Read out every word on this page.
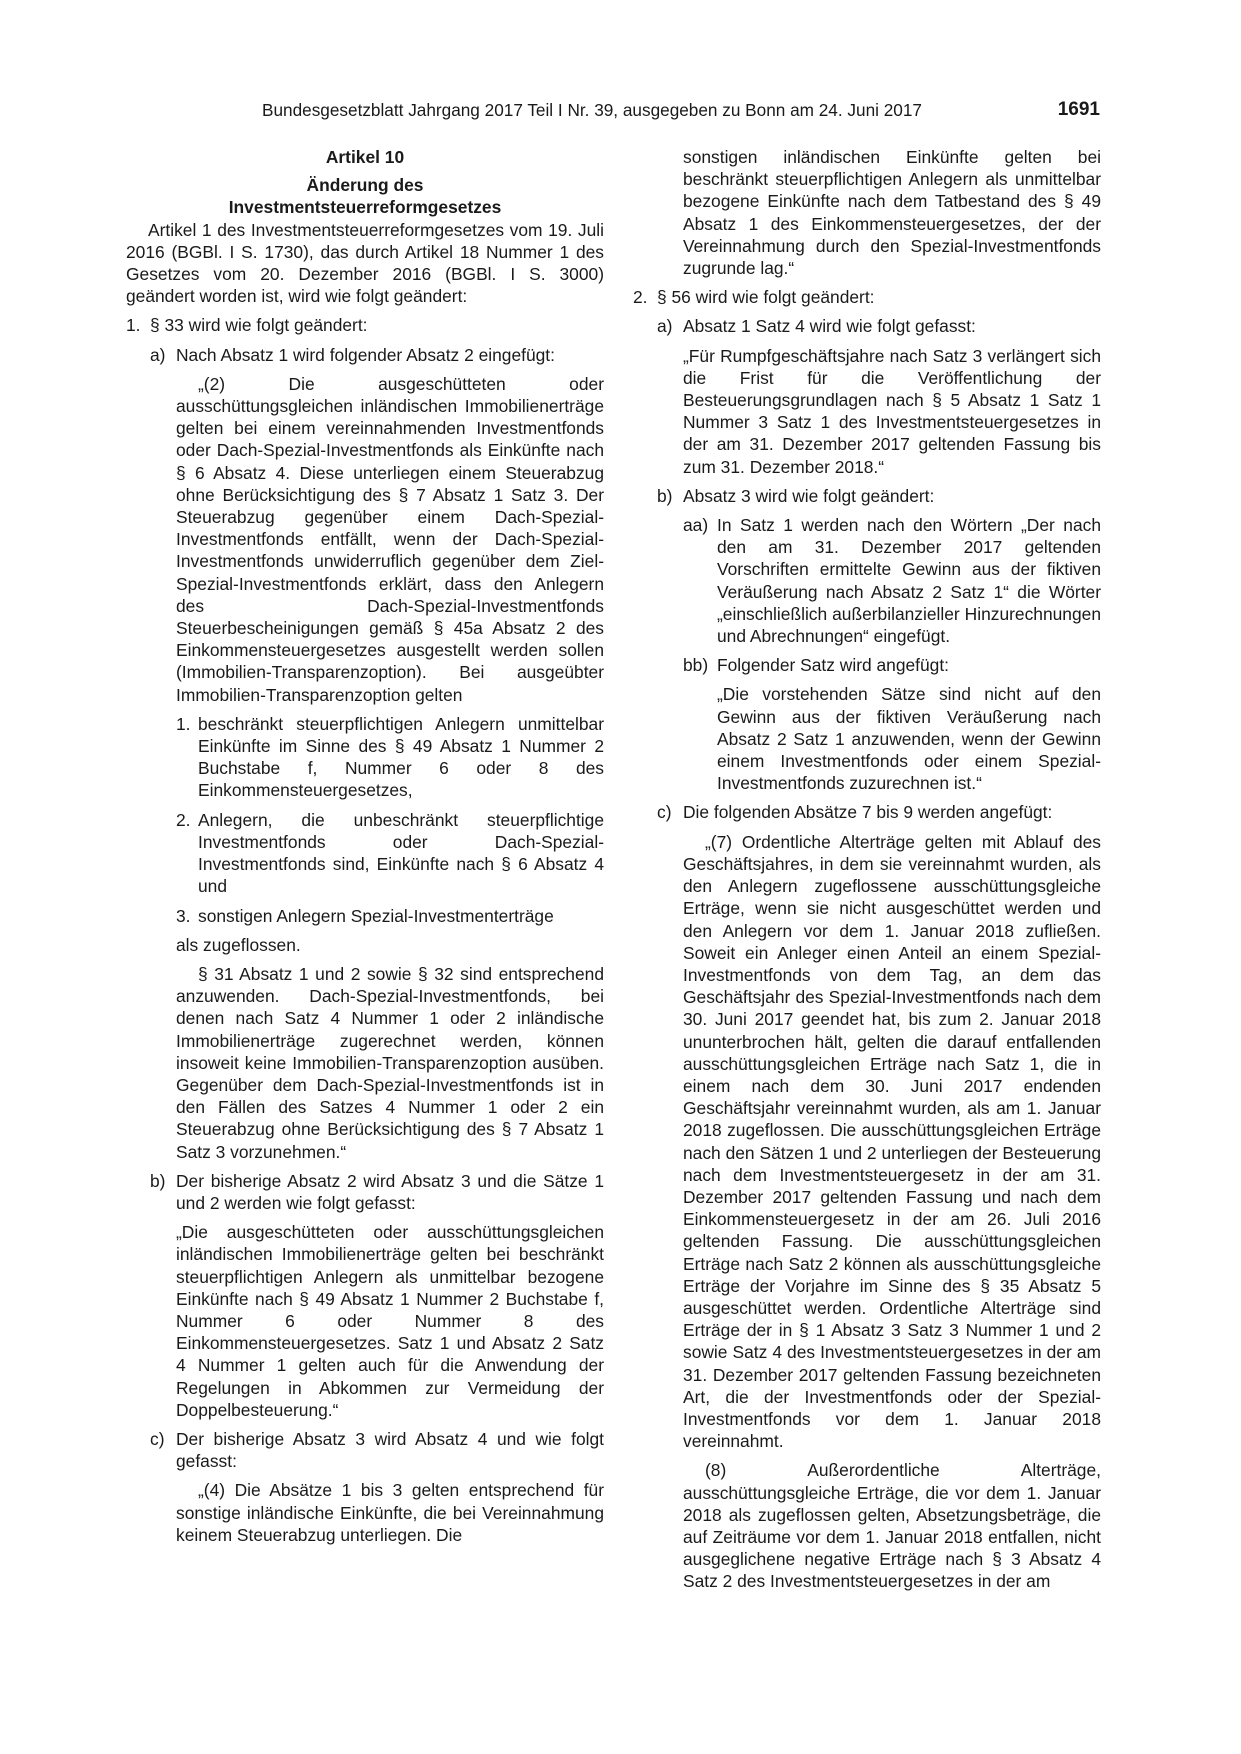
Bundesgesetzblatt Jahrgang 2017 Teil I Nr. 39, ausgegeben zu Bonn am 24. Juni 2017	1691

Artikel 10

Änderung des

Investmentsteuerreformgesetzes

Artikel 1 des Investmentsteuerreformgesetzes vom 19. Juli 2016 (BGBl. I S. 1730), das durch Artikel 18 Nummer 1 des Gesetzes vom 20. Dezember 2016 (BGBl. I S. 3000) geändert worden ist, wird wie folgt geändert:

1. § 33 wird wie folgt geändert:
a) Nach Absatz 1 wird folgender Absatz 2 eingefügt:

„(2) Die ausgeschütteten oder ausschüttungsgleichen inländischen Immobilienerträge gelten bei einem vereinnahmenden Investmentfonds oder Dach-Spezial-Investmentfonds als Einkünfte nach § 6 Absatz 4. Diese unterliegen einem Steuerabzug ohne Berücksichtigung des § 7 Absatz 1 Satz 3. Der Steuerabzug gegenüber einem Dach-Spezial-Investmentfonds entfällt, wenn der Dach-Spezial-Investmentfonds unwiderruflich gegenüber dem Ziel-Spezial-Investmentfonds erklärt, dass den Anlegern des Dach-Spezial-Investmentfonds Steuerbescheinigungen gemäß § 45a Absatz 2 des Einkommensteuergesetzes ausgestellt werden sollen (Immobilien-Transparenzoption). Bei ausgeübter Immobilien-Transparenzoption gelten

1. beschränkt steuerpflichtigen Anlegern unmittelbar Einkünfte im Sinne des § 49 Absatz 1 Nummer 2 Buchstabe f, Nummer 6 oder 8 des Einkommensteuergesetzes,
2. Anlegern, die unbeschränkt steuerpflichtige Investmentfonds oder Dach-Spezial-Investmentfonds sind, Einkünfte nach § 6 Absatz 4 und
3. sonstigen Anlegern Spezial-Investmenterträge

als zugeflossen.

§ 31 Absatz 1 und 2 sowie § 32 sind entsprechend anzuwenden. Dach-Spezial-Investmentfonds, bei denen nach Satz 4 Nummer 1 oder 2 inländische Immobilienerträge zugerechnet werden, können insoweit keine Immobilien-Transparenzoption ausüben. Gegenüber dem Dach-Spezial-Investmentfonds ist in den Fällen des Satzes 4 Nummer 1 oder 2 ein Steuerabzug ohne Berücksichtigung des § 7 Absatz 1 Satz 3 vorzunehmen.“

b) Der bisherige Absatz 2 wird Absatz 3 und die Sätze 1 und 2 werden wie folgt gefasst:

„Die ausgeschütteten oder ausschüttungsgleichen inländischen Immobilienerträge gelten bei beschränkt steuerpflichtigen Anlegern als unmittelbar bezogene Einkünfte nach § 49 Absatz 1 Nummer 2 Buchstabe f, Nummer 6 oder Nummer 8 des Einkommensteuergesetzes. Satz 1 und Absatz 2 Satz 4 Nummer 1 gelten auch für die Anwendung der Regelungen in Abkommen zur Vermeidung der Doppelbesteuerung.“

c) Der bisherige Absatz 3 wird Absatz 4 und wie folgt gefasst:

„(4) Die Absätze 1 bis 3 gelten entsprechend für sonstige inländische Einkünfte, die bei Vereinnahmung keinem Steuerabzug unterliegen. Die

sonstigen inländischen Einkünfte gelten bei beschränkt steuerpflichtigen Anlegern als unmittelbar bezogene Einkünfte nach dem Tatbestand des § 49 Absatz 1 des Einkommensteuergesetzes, der der Vereinnahmung durch den Spezial-Investmentfonds zugrunde lag.“

2. § 56 wird wie folgt geändert:
a) Absatz 1 Satz 4 wird wie folgt gefasst:

„Für Rumpfgeschäftsjahre nach Satz 3 verlängert sich die Frist für die Veröffentlichung der Besteuerungsgrundlagen nach § 5 Absatz 1 Satz 1 Nummer 3 Satz 1 des Investmentsteuergesetzes in der am 31. Dezember 2017 geltenden Fassung bis zum 31. Dezember 2018.“

b) Absatz 3 wird wie folgt geändert:
aa) In Satz 1 werden nach den Wörtern „Der nach den am 31. Dezember 2017 geltenden Vorschriften ermittelte Gewinn aus der fiktiven Veräußerung nach Absatz 2 Satz 1“ die Wörter „einschließlich außerbilanzieller Hinzurechnungen und Abrechnungen“ eingefügt.
bb) Folgender Satz wird angefügt:

„Die vorstehenden Sätze sind nicht auf den Gewinn aus der fiktiven Veräußerung nach Absatz 2 Satz 1 anzuwenden, wenn der Gewinn einem Investmentfonds oder einem Spezial-Investmentfonds zuzurechnen ist.“

c) Die folgenden Absätze 7 bis 9 werden angefügt:

„(7) Ordentliche Alterträge gelten mit Ablauf des Geschäftsjahres, in dem sie vereinnahmt wurden, als den Anlegern zugeflossene ausschüttungsgleiche Erträge, wenn sie nicht ausgeschüttet werden und den Anlegern vor dem 1. Januar 2018 zufließen. Soweit ein Anleger einen Anteil an einem Spezial-Investmentfonds von dem Tag, an dem das Geschäftsjahr des Spezial-Investmentfonds nach dem 30. Juni 2017 geendet hat, bis zum 2. Januar 2018 ununterbrochen hält, gelten die darauf entfallenden ausschüttungsgleichen Erträge nach Satz 1, die in einem nach dem 30. Juni 2017 endenden Geschäftsjahr vereinnahmt wurden, als am 1. Januar 2018 zugeflossen. Die ausschüttungsgleichen Erträge nach den Sätzen 1 und 2 unterliegen der Besteuerung nach dem Investmentsteuergesetz in der am 31. Dezember 2017 geltenden Fassung und nach dem Einkommensteuergesetz in der am 26. Juli 2016 geltenden Fassung. Die ausschüttungsgleichen Erträge nach Satz 2 können als ausschüttungsgleiche Erträge der Vorjahre im Sinne des § 35 Absatz 5 ausgeschüttet werden. Ordentliche Alterträge sind Erträge der in § 1 Absatz 3 Satz 3 Nummer 1 und 2 sowie Satz 4 des Investmentsteuergesetzes in der am 31. Dezember 2017 geltenden Fassung bezeichneten Art, die der Investmentfonds oder der Spezial-Investmentfonds vor dem 1. Januar 2018 vereinnahmt.

(8) Außerordentliche Alterträge, ausschüttungsgleiche Erträge, die vor dem 1. Januar 2018 als zugeflossen gelten, Absetzungsbeträge, die auf Zeiträume vor dem 1. Januar 2018 entfallen, nicht ausgeglichene negative Erträge nach § 3 Absatz 4 Satz 2 des Investmentsteuergesetzes in der am
